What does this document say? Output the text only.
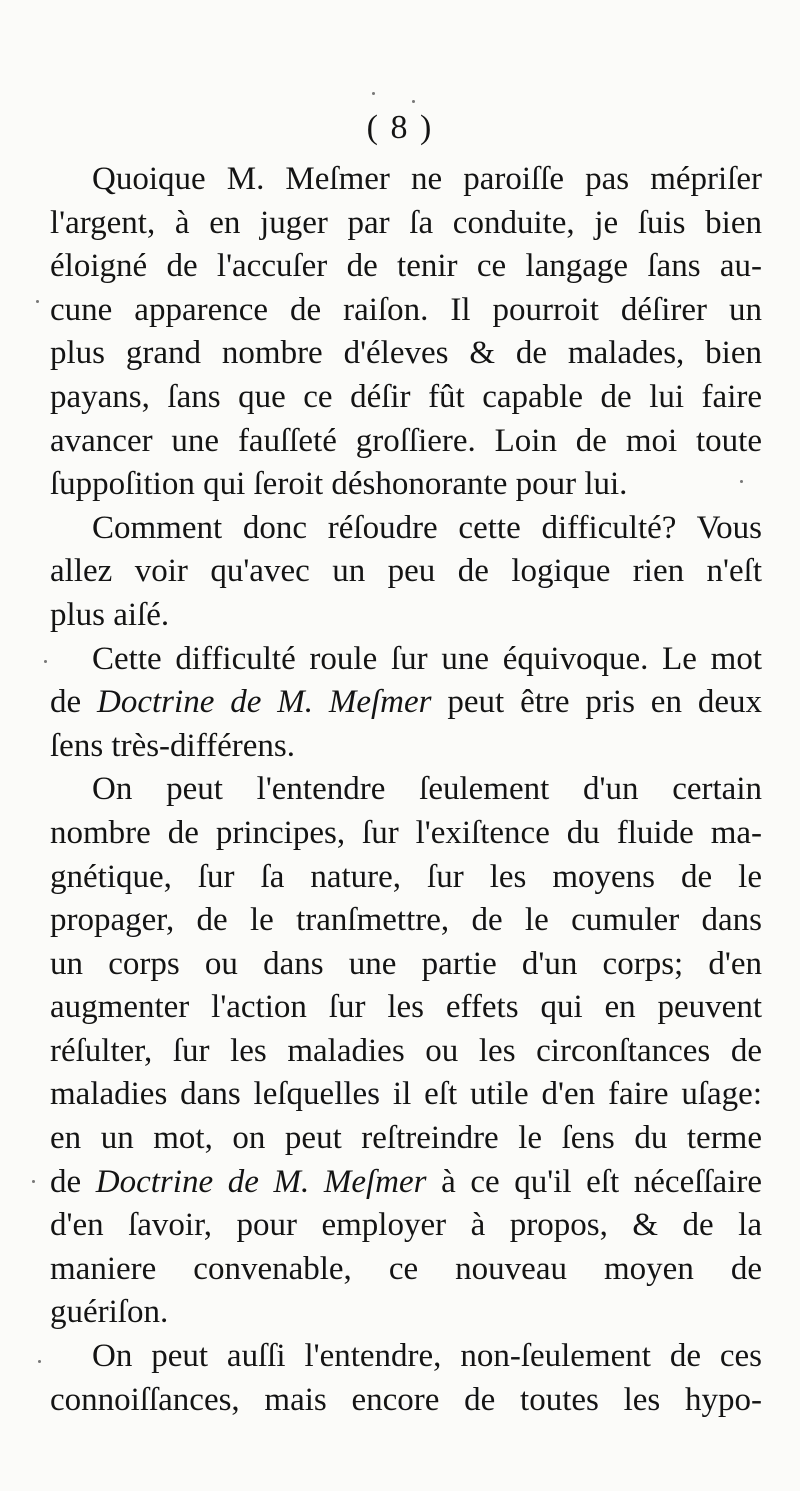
( 8 )
Quoique M. Meſmer ne paroiſſe pas mépriſer
l'argent, à en juger par ſa conduite, je ſuis bien
éloigné de l'accuſer de tenir ce langage ſans au-
cune apparence de raiſon. Il pourroit déſirer un
plus grand nombre d'éleves & de malades, bien
payans, ſans que ce déſir fût capable de lui faire
avancer une fauſſeté groſſiere. Loin de moi toute
ſuppoſition qui ſeroit déshonorante pour lui.
Comment donc réſoudre cette difficulté? Vous
allez voir qu'avec un peu de logique rien n'eſt
plus aiſé.
Cette difficulté roule ſur une équivoque. Le mot
de Doctrine de M. Meſmer peut être pris en deux
ſens très-différens.
On peut l'entendre ſeulement d'un certain
nombre de principes, ſur l'exiſtence du fluide ma-
gnétique, ſur ſa nature, ſur les moyens de le
propager, de le tranſmettre, de le cumuler dans
un corps ou dans une partie d'un corps; d'en
augmenter l'action ſur les effets qui en peuvent
réſulter, ſur les maladies ou les circonſtances de
maladies dans leſquelles il eſt utile d'en faire uſage:
en un mot, on peut reſtreindre le ſens du terme
de Doctrine de M. Meſmer à ce qu'il eſt néceſſaire
d'en ſavoir, pour employer à propos, & de la
maniere convenable, ce nouveau moyen de
guériſon.
On peut auſſi l'entendre, non-ſeulement de ces
connoiſſances, mais encore de toutes les hypo-
